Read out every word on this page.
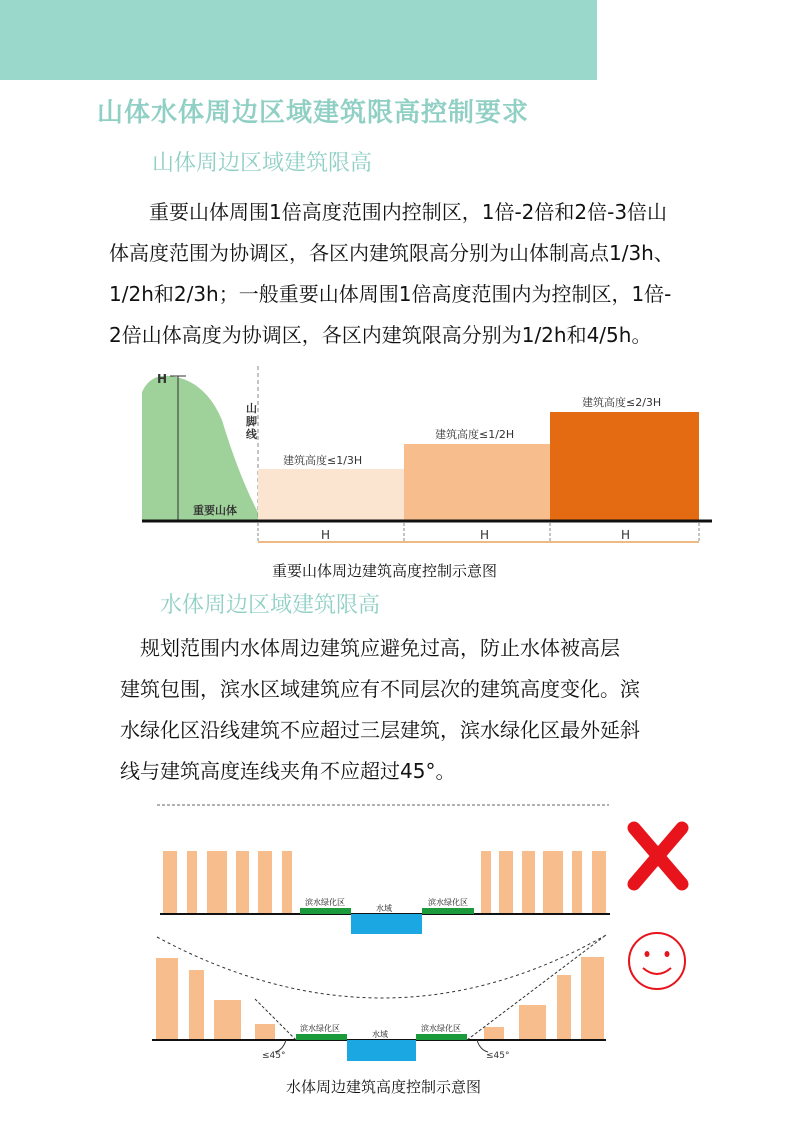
山体水体周边区域建筑限高控制要求
山体周边区域建筑限高
　　重要山体周围1倍高度范围内控制区，1倍-2倍和2倍-3倍山
体高度范围为协调区，各区内建筑限高分别为山体制高点1/3h、
1/2h和2/3h；一般重要山体周围1倍高度范围内为控制区，1倍-
2倍山体高度为协调区，各区内建筑限高分别为1/2h和4/5h。
H
重要山体
山脚线
建筑高度≤1/3H
建筑高度≤1/2H
建筑高度≤2/3H
H	H	H
重要山体周边建筑高度控制示意图
水体周边区域建筑限高
　规划范围内水体周边建筑应避免过高，防止水体被高层
建筑包围，滨水区域建筑应有不同层次的建筑高度变化。滨
水绿化区沿线建筑不应超过三层建筑，滨水绿化区最外延斜
线与建筑高度连线夹角不应超过45°。
滨水绿化区
水域
滨水绿化区
滨水绿化区
水域
滨水绿化区
≤45°	≤45°
水体周边建筑高度控制示意图
